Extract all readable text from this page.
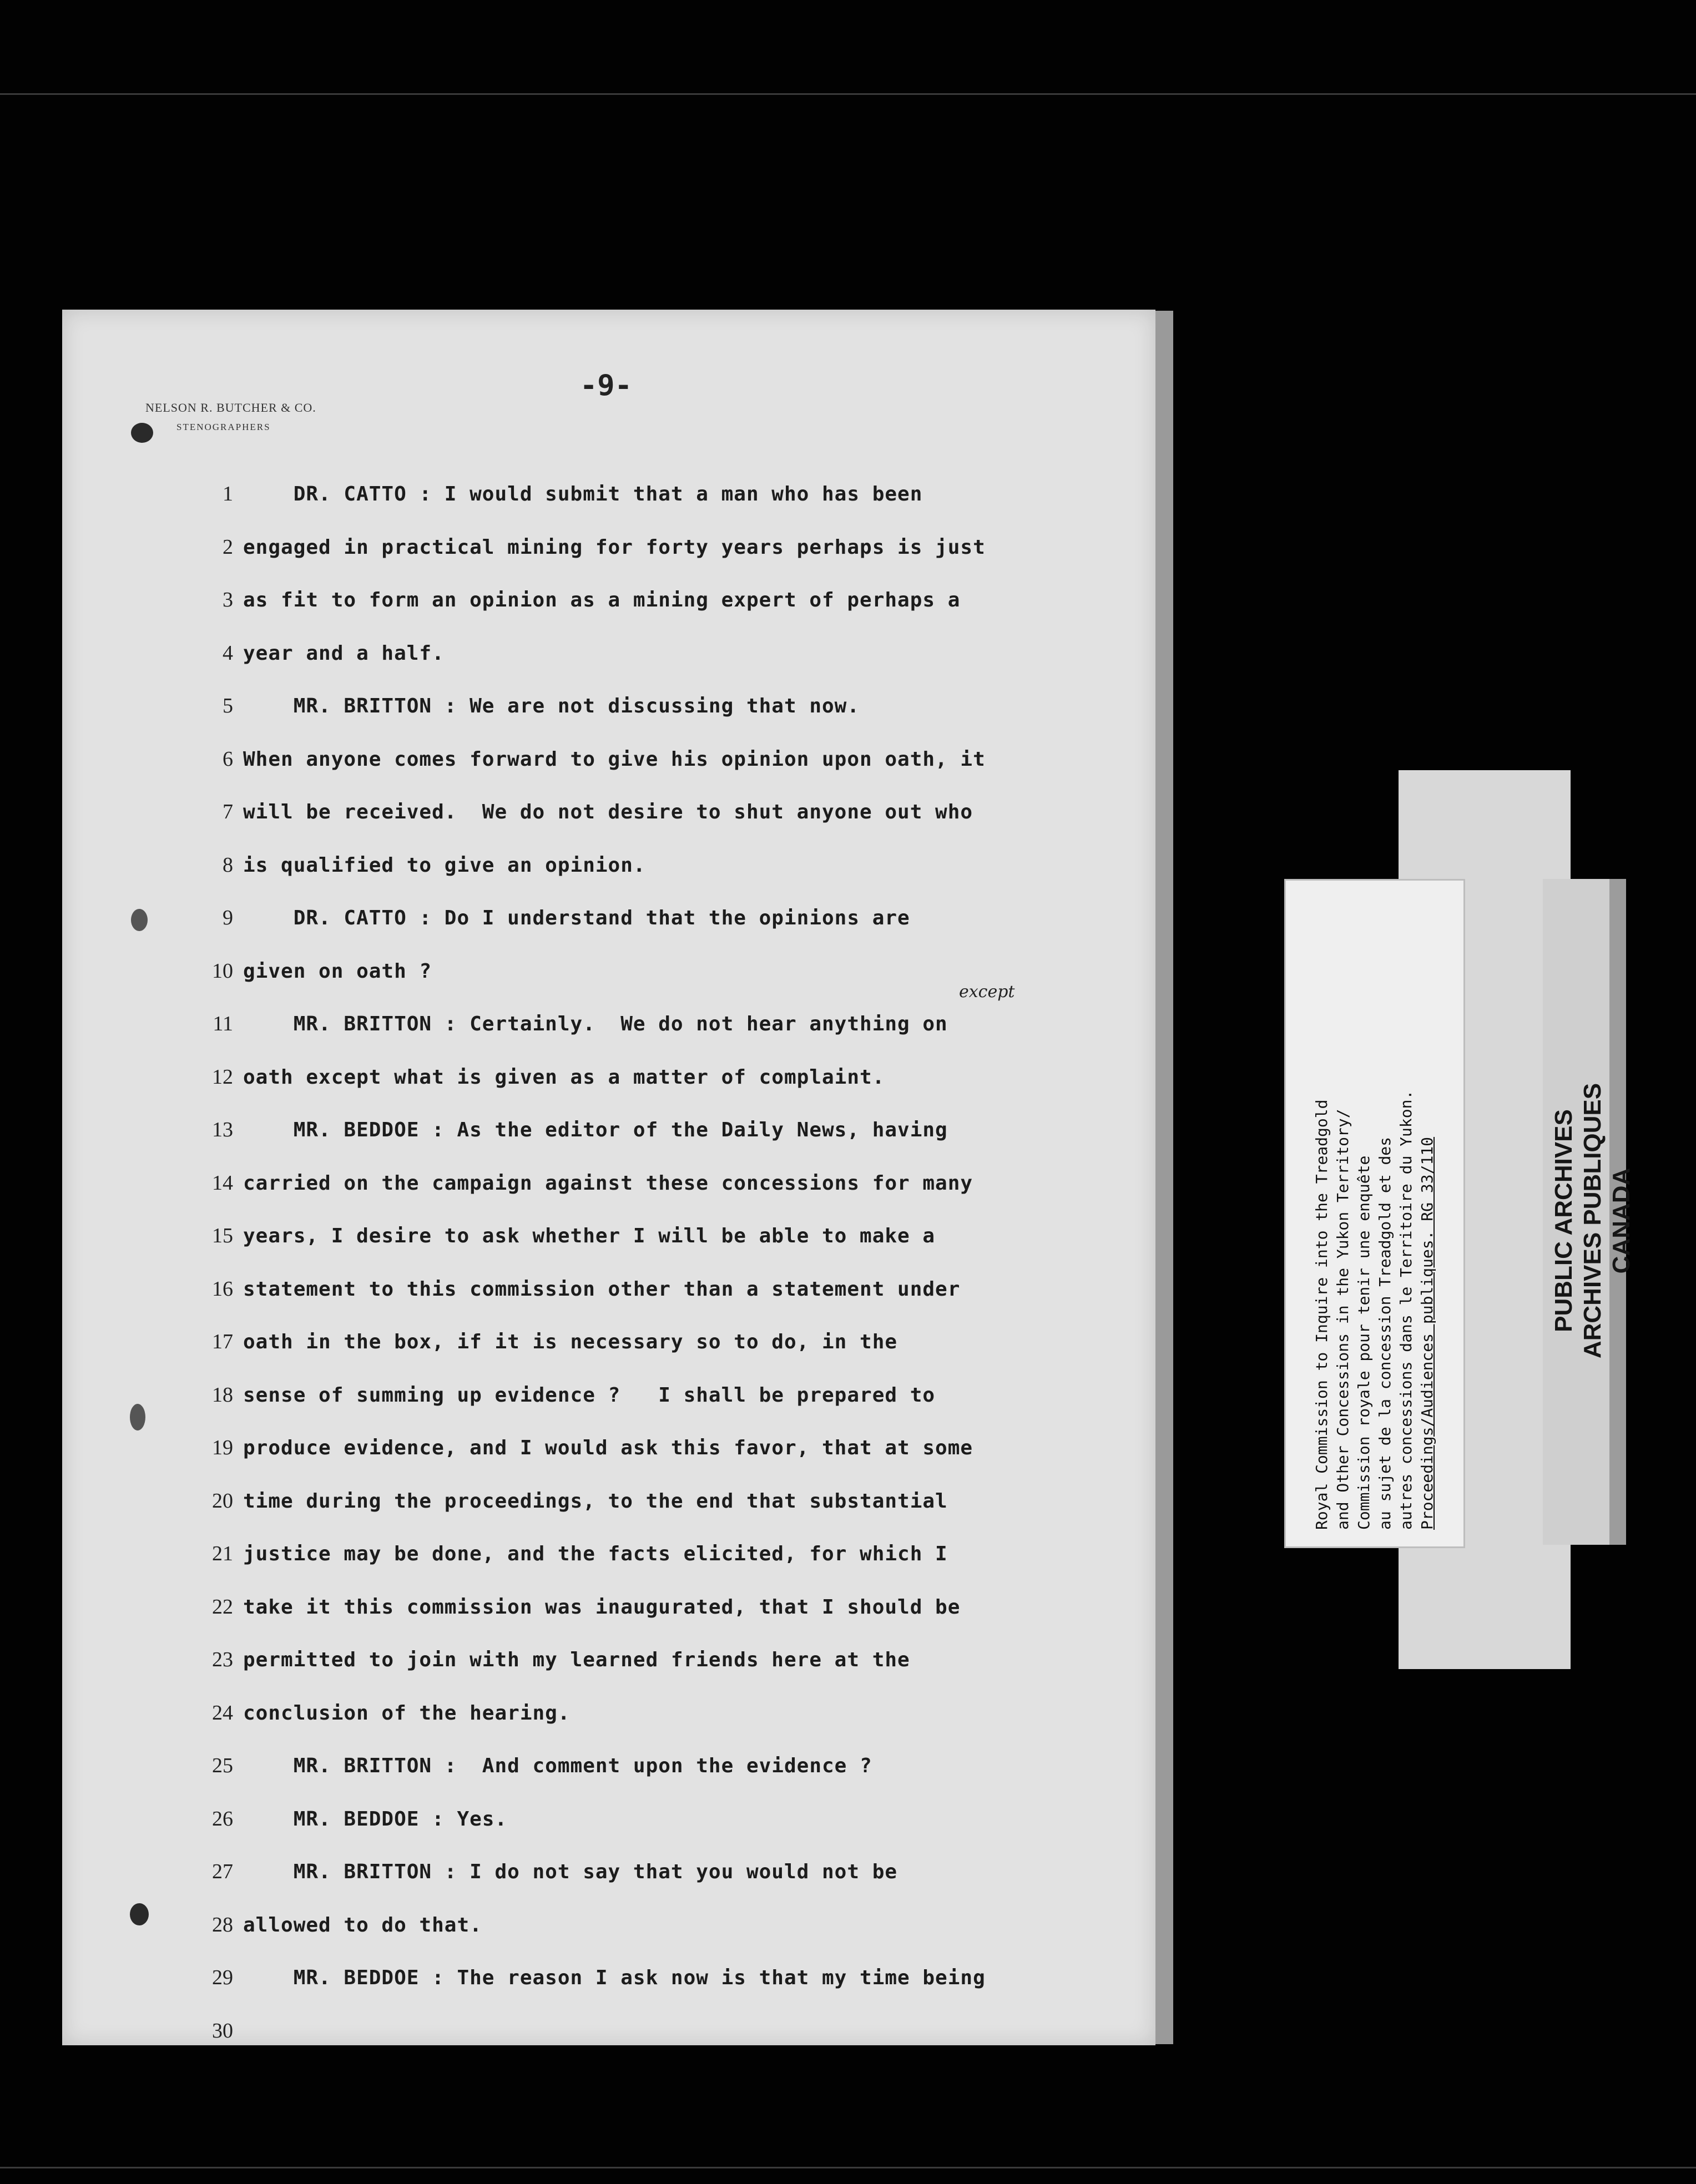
-9-
NELSON R. BUTCHER & CO.
STENOGRAPHERS
1 DR. CATTO : I would submit that a man who has been
2 engaged in practical mining for forty years perhaps is just
3 as fit to form an opinion as a mining expert of perhaps a
4 year and a half.
5 MR. BRITTON : We are not discussing that now.
6 When anyone comes forward to give his opinion upon oath, it
7 will be received.  We do not desire to shut anyone out who
8 is qualified to give an opinion.
9 DR. CATTO : Do I understand that the opinions are
10 given on oath ?
11 MR. BRITTON : Certainly.  We do not hear anything on
12 oath except what is given as a matter of complaint.
13 MR. BEDDOE : As the editor of the Daily News, having
14 carried on the campaign against these concessions for many
15 years, I desire to ask whether I will be able to make a
16 statement to this commission other than a statement under
17 oath in the box, if it is necessary so to do, in the
18 sense of summing up evidence ?   I shall be prepared to
19 produce evidence, and I would ask this favor, that at some
20 time during the proceedings, to the end that substantial
21 justice may be done, and the facts elicited, for which I
22 take it this commission was inaugurated, that I should be
23 permitted to join with my learned friends here at the
24 conclusion of the hearing.
25 MR. BRITTON :  And comment upon the evidence ?
26 MR. BEDDOE : Yes.
27 MR. BRITTON : I do not say that you would not be
28 allowed to do that.
29 MR. BEDDOE : The reason I ask now is that my time being
30
except
Royal Commission to Inquire into the Treadgold and Other Concessions in the Yukon Territory/ Commission royale pour tenir une enquête au sujet de la concession Treadgold et des autres concessions dans le Territoire du Yukon. Proceedings/Audiences publiques. RG 33/110	PUBLIC ARCHIVES ARCHIVES PUBLIQUES CANADA
